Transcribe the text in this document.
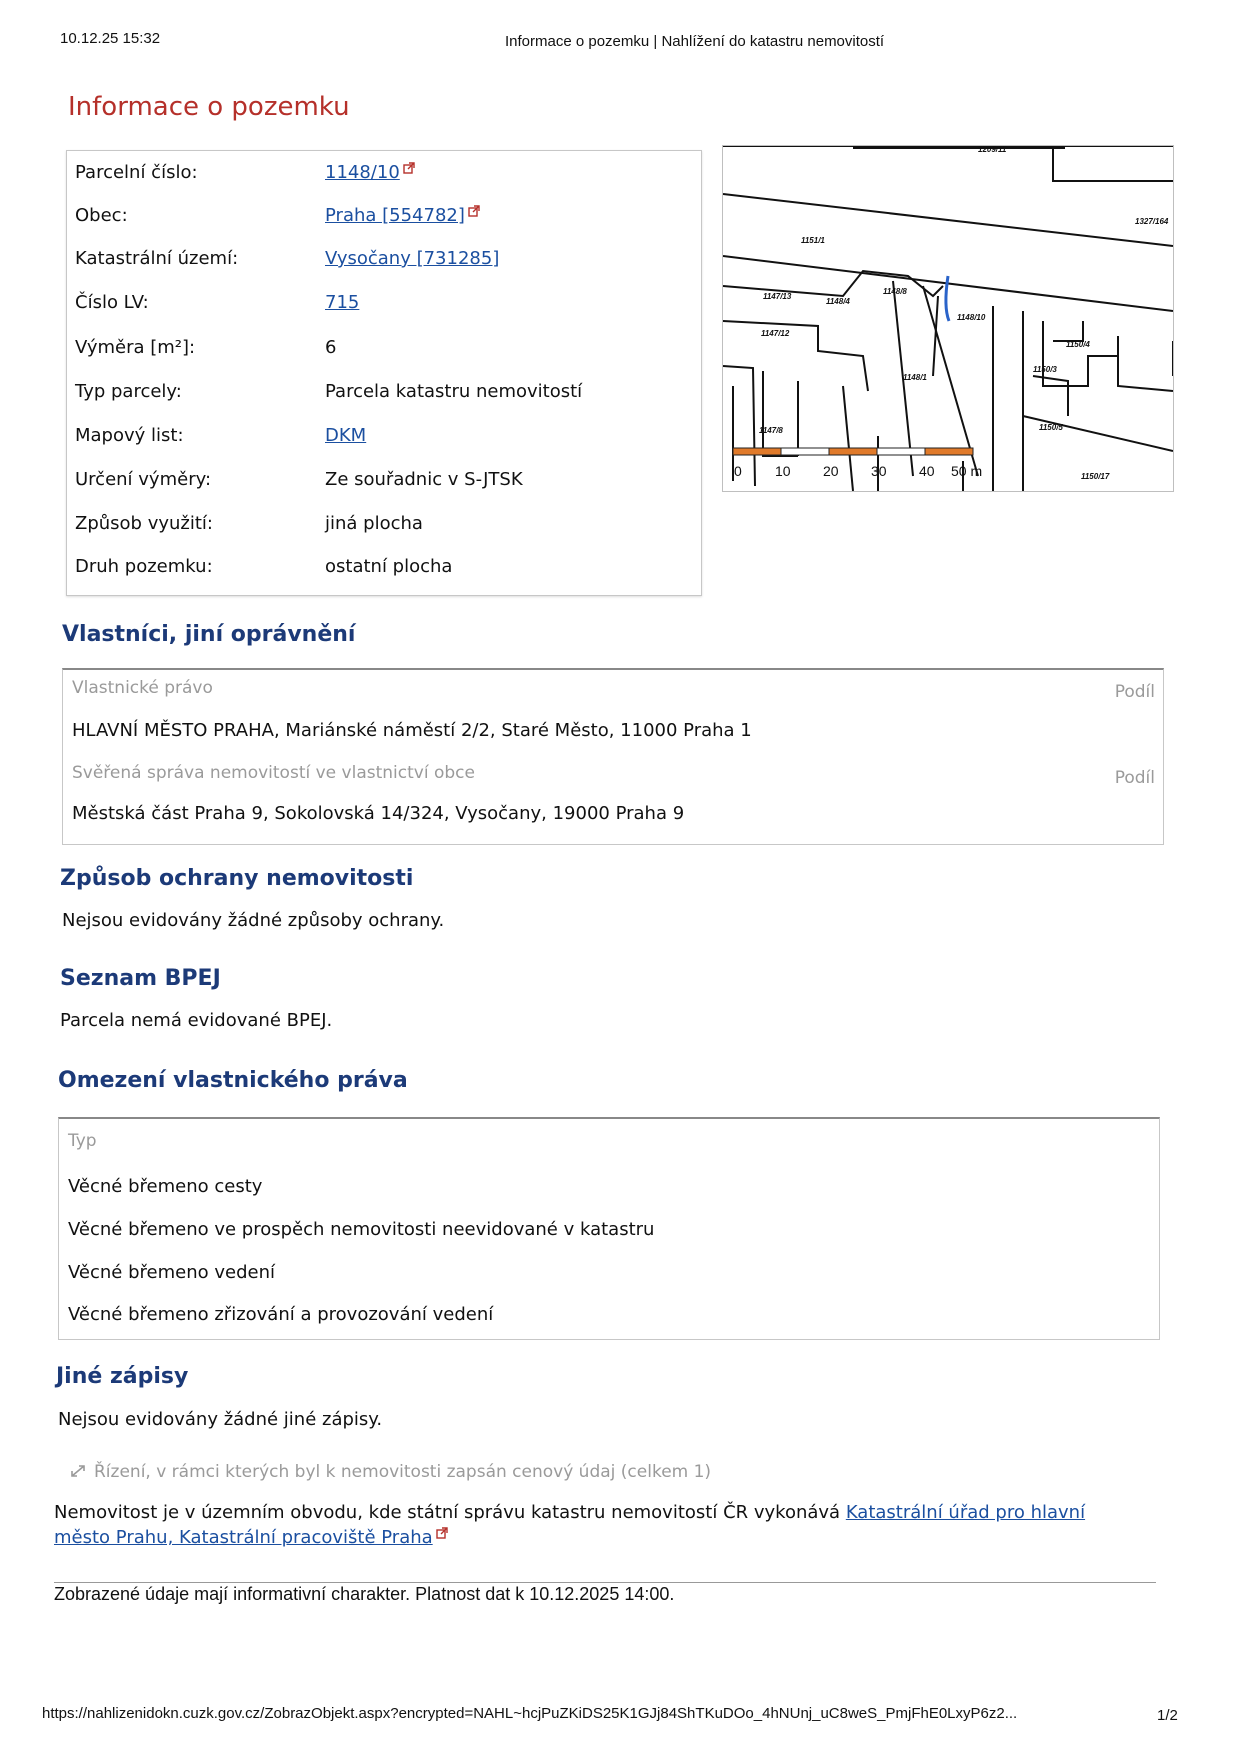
10.12.25 15:32	Informace o pozemku | Nahlížení do katastru nemovitostí
Informace o pozemku
Parcelní číslo:	1148/10
Obec:	Praha [554782]
Katastrální území:	Vysočany [731285]
Číslo LV:	715
Výměra [m²]:	6
Typ parcely:	Parcela katastru nemovitostí
Mapový list:	DKM
Určení výměry:	Ze souřadnic v S-JTSK
Způsob využití:	jiná plocha
Druh pozemku:	ostatní plocha
1209/11
1327/164
1151/1
1147/13
1148/4
1148/8
1147/12
1148/10
1150/4
1150/3
1148/1
1147/8	1150/5
1150/17
0 10 20 30 40 50 m
Vlastníci, jiní oprávnění
Vlastnické právo	Podíl
HLAVNÍ MĚSTO PRAHA, Mariánské náměstí 2/2, Staré Město, 11000 Praha 1
Svěřená správa nemovitostí ve vlastnictví obce	Podíl
Městská část Praha 9, Sokolovská 14/324, Vysočany, 19000 Praha 9
Způsob ochrany nemovitosti

Nejsou evidovány žádné způsoby ochrany.

Seznam BPEJ

Parcela nemá evidované BPEJ.

Omezení vlastnického práva
Typ
Věcné břemeno cesty
Věcné břemeno ve prospěch nemovitosti neevidované v katastru
Věcné břemeno vedení
Věcné břemeno zřizování a provozování vedení
Jiné zápisy

Nejsou evidovány žádné jiné zápisy.

Řízení, v rámci kterých byl k nemovitosti zapsán cenový údaj (celkem 1)

Nemovitost je v územním obvodu, kde státní správu katastru nemovitostí ČR vykonává Katastrální úřad pro hlavní město Prahu, Katastrální pracoviště Praha

Zobrazené údaje mají informativní charakter. Platnost dat k 10.12.2025 14:00.

https://nahlizenidokn.cuzk.gov.cz/ZobrazObjekt.aspx?encrypted=NAHL~hcjPuZKiDS25K1GJj84ShTKuDOo_4hNUnj_uC8weS_PmjFhE0LxyP6z2...	1/2
